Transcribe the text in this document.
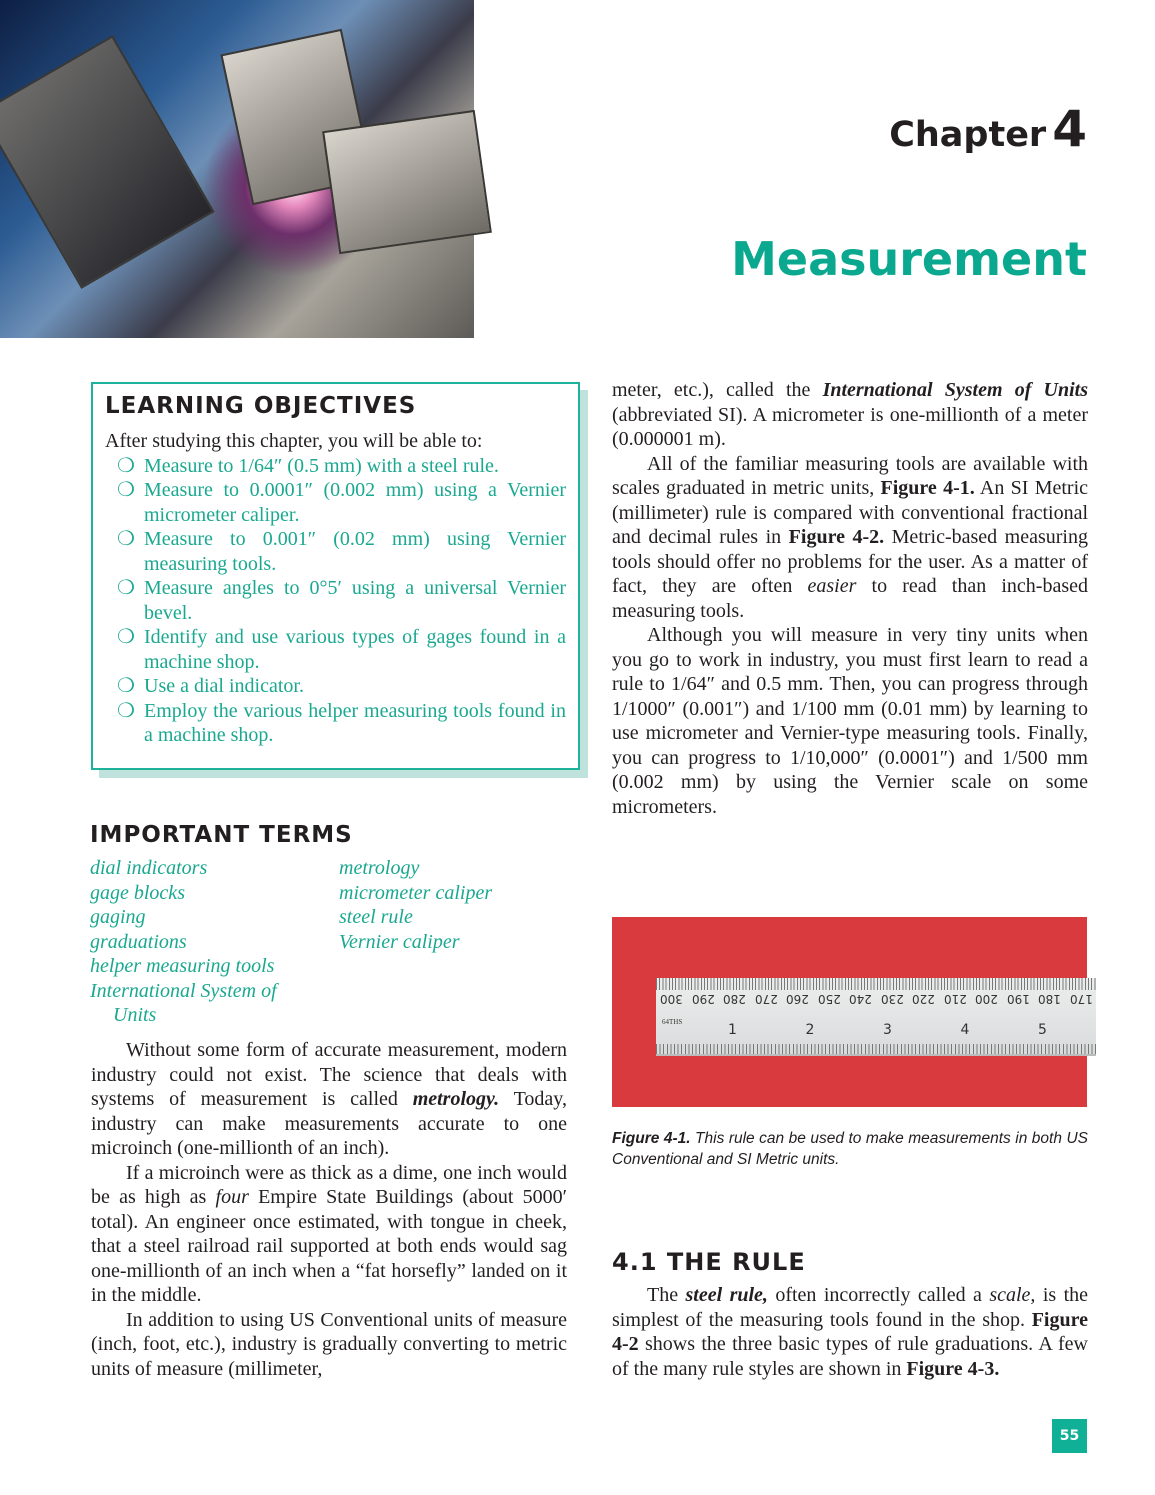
Chapter 4
Measurement
LEARNING OBJECTIVES
After studying this chapter, you will be able to:
❍ Measure to 1/64″ (0.5 mm) with a steel rule.
❍ Measure to 0.0001″ (0.002 mm) using a Vernier micrometer caliper.
❍ Measure to 0.001″ (0.02 mm) using Vernier measuring tools.
❍ Measure angles to 0°5′ using a universal Vernier bevel.
❍ Identify and use various types of gages found in a machine shop.
❍ Use a dial indicator.
❍ Employ the various helper measuring tools found in a machine shop.
IMPORTANT TERMS
dial indicators
gage blocks
gaging
graduations
helper measuring tools
International System of
Units
metrology
micrometer caliper
steel rule
Vernier caliper

Without some form of accurate measurement, modern industry could not exist. The science that deals with systems of measurement is called metrology. Today, industry can make measurements accurate to one microinch (one-millionth of an inch).

If a microinch were as thick as a dime, one inch would be as high as four Empire State Buildings (about 5000′ total). An engineer once estimated, with tongue in cheek, that a steel railroad rail supported at both ends would sag one-millionth of an inch when a “fat horsefly” landed on it in the middle.

In addition to using US Conventional units of measure (inch, foot, etc.), industry is gradually converting to metric units of measure (millimeter,

meter, etc.), called the International System of Units (abbreviated SI). A micrometer is one-millionth of a meter (0.000001 m).

All of the familiar measuring tools are available with scales graduated in metric units, Figure 4-1. An SI Metric (millimeter) rule is compared with conventional fractional and decimal rules in Figure 4-2. Metric-based measuring tools should offer no problems for the user. As a matter of fact, they are often easier to read than inch-based measuring tools.

Although you will measure in very tiny units when you go to work in industry, you must first learn to read a rule to 1/64″ and 0.5 mm. Then, you can progress through 1/1000″ (0.001″) and 1/100 mm (0.01 mm) by learning to use micrometer and Vernier-type measuring tools. Finally, you can progress to 1/10,000″ (0.0001″) and 1/500 mm (0.002 mm) by using the Vernier scale on some micrometers.

64THS
300 290 280 270 260 250 240 230 220 210 200 190 180 170
1	2	3	4	5
Figure 4-1. This rule can be used to make measurements in both US Conventional and SI Metric units.
4.1 THE RULE

The steel rule, often incorrectly called a scale, is the simplest of the measuring tools found in the shop. Figure 4-2 shows the three basic types of rule graduations. A few of the many rule styles are shown in Figure 4-3.

55
